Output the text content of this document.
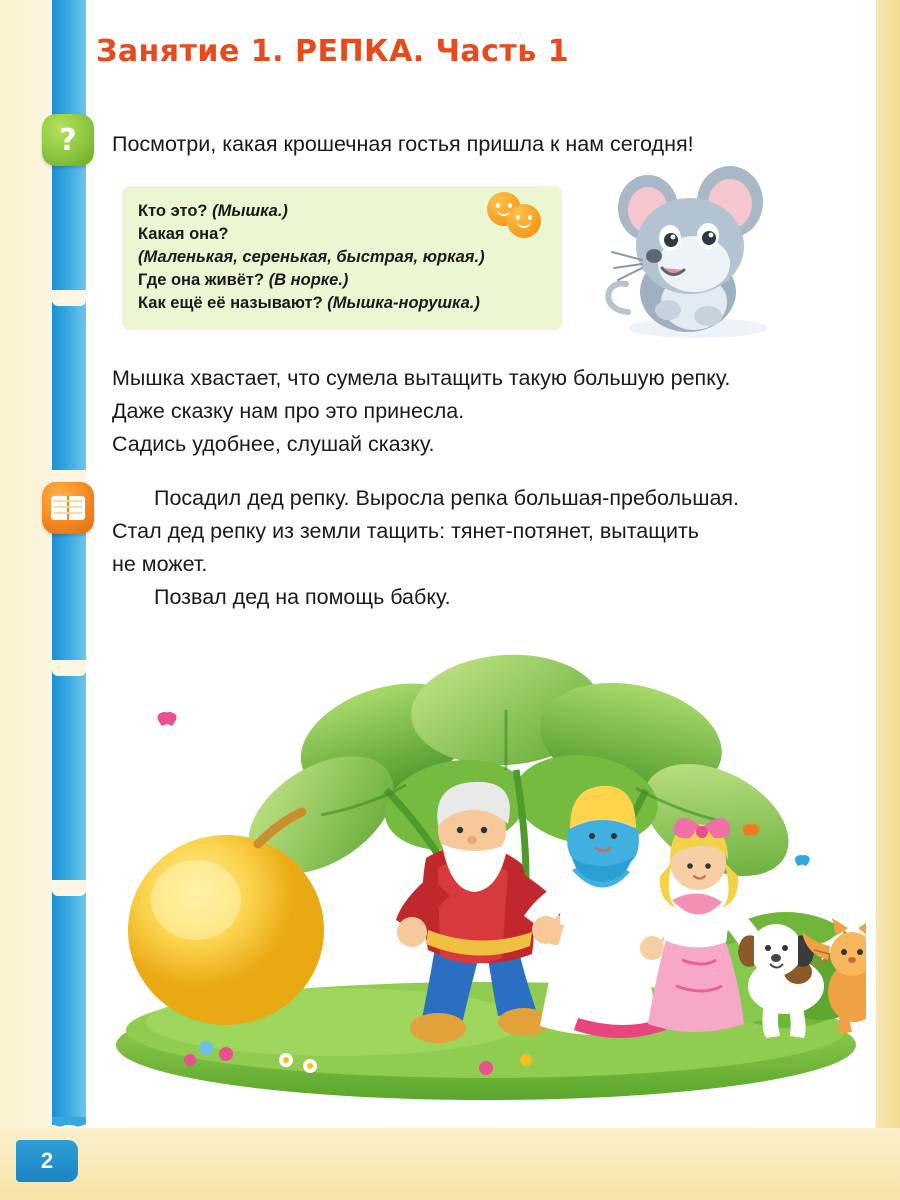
Занятие 1. РЕПКА. Часть 1
? Посмотри, какая крошечная гостья пришла к нам сегодня!
Кто это? (Мышка.)
Какая она?
(Маленькая, серенькая, быстрая, юркая.)
Где она живёт? (В норке.)
Как ещё её называют? (Мышка-норушка.)
Мышка хвастает, что сумела вытащить такую большую репку.
Даже сказку нам про это принесла.
Садись удобнее, слушай сказку.
Посадил дед репку. Выросла репка большая-пребольшая.
Стал дед репку из земли тащить: тянет-потянет, вытащить
не может.
Позвал дед на помощь бабку.
2
